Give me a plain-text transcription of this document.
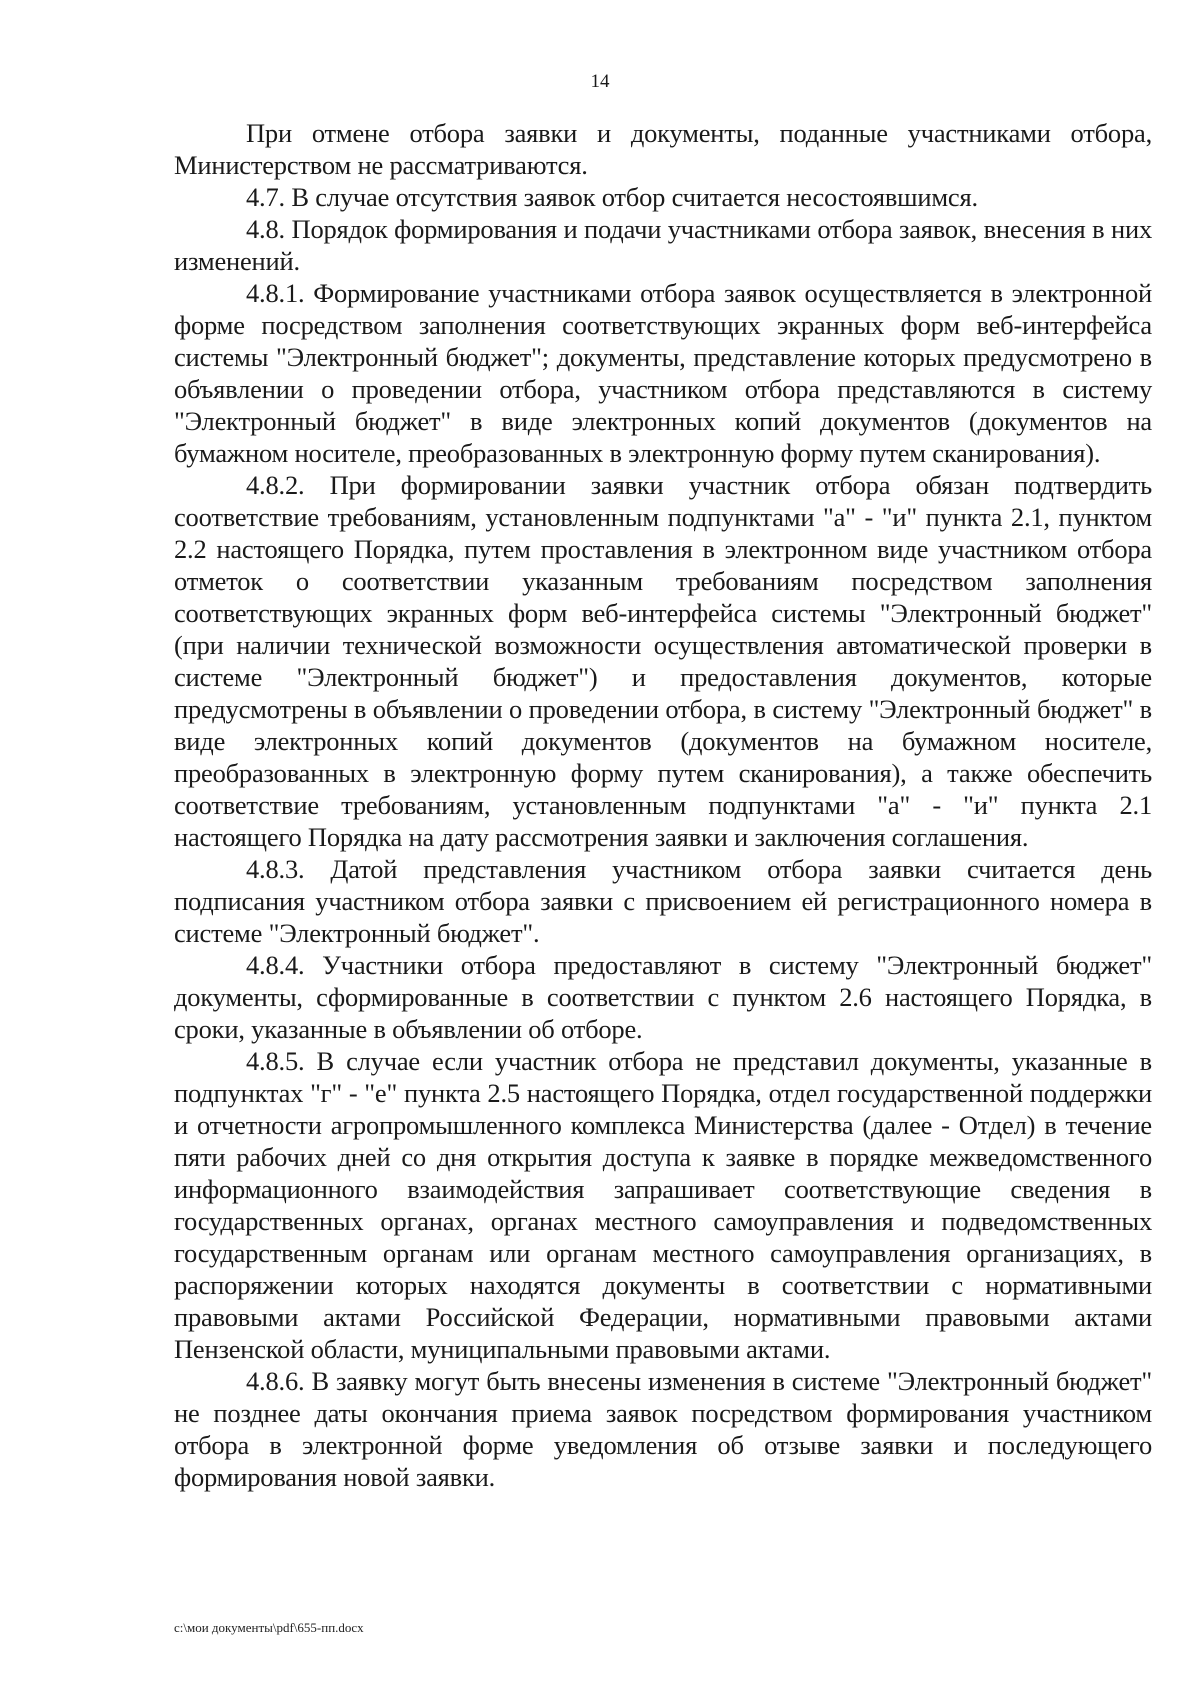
14

При отмене отбора заявки и документы, поданные участниками отбора, Министерством не рассматриваются.

4.7. В случае отсутствия заявок отбор считается несостоявшимся.

4.8. Порядок формирования и подачи участниками отбора заявок, внесения в них изменений.

4.8.1. Формирование участниками отбора заявок осуществляется в электронной форме посредством заполнения соответствующих экранных форм веб-интерфейса системы "Электронный бюджет"; документы, представление которых предусмотрено в объявлении о проведении отбора, участником отбора представляются в систему "Электронный бюджет" в виде электронных копий документов (документов на бумажном носителе, преобразованных в электронную форму путем сканирования).

4.8.2. При формировании заявки участник отбора обязан подтвердить соответствие требованиям, установленным подпунктами "а" - "и" пункта 2.1, пунктом 2.2 настоящего Порядка, путем проставления в электронном виде участником отбора отметок о соответствии указанным требованиям посредством заполнения соответствующих экранных форм веб-интерфейса системы "Электронный бюджет" (при наличии технической возможности осуществления автоматической проверки в системе "Электронный бюджет") и предоставления документов, которые предусмотрены в объявлении о проведении отбора, в систему "Электронный бюджет" в виде электронных копий документов (документов на бумажном носителе, преобразованных в электронную форму путем сканирования), а также обеспечить соответствие требованиям, установленным подпунктами "а" - "и" пункта 2.1 настоящего Порядка на дату рассмотрения заявки и заключения соглашения.

4.8.3. Датой представления участником отбора заявки считается день подписания участником отбора заявки с присвоением ей регистрационного номера в системе "Электронный бюджет".

4.8.4. Участники отбора предоставляют в систему "Электронный бюджет" документы, сформированные в соответствии с пунктом 2.6 настоящего Порядка, в сроки, указанные в объявлении об отборе.

4.8.5. В случае если участник отбора не представил документы, указанные в подпунктах "г" - "е" пункта 2.5 настоящего Порядка, отдел государственной поддержки и отчетности агропромышленного комплекса Министерства (далее - Отдел) в течение пяти рабочих дней со дня открытия доступа к заявке в порядке межведомственного информационного взаимодействия запрашивает соответствующие сведения в государственных органах, органах местного самоуправления и подведомственных государственным органам или органам местного самоуправления организациях, в распоряжении которых находятся документы в соответствии с нормативными правовыми актами Российской Федерации, нормативными правовыми актами Пензенской области, муниципальными правовыми актами.

4.8.6. В заявку могут быть внесены изменения в системе "Электронный бюджет" не позднее даты окончания приема заявок посредством формирования участником отбора в электронной форме уведомления об отзыве заявки и последующего формирования новой заявки.

c:\мои документы\pdf\655-пп.docx
